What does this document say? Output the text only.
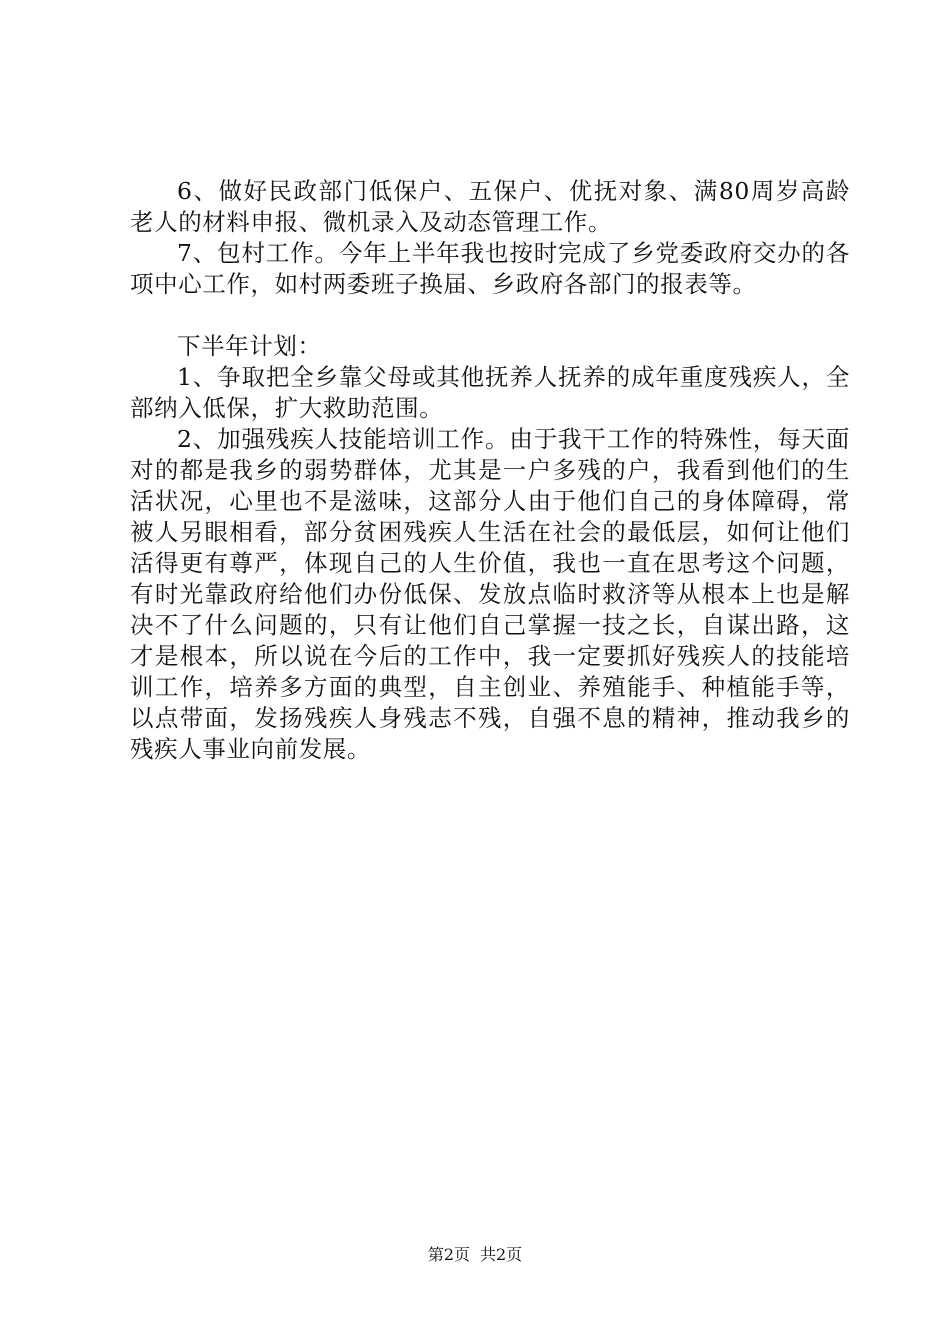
6、做好民政部门低保户、五保户、优抚对象、满80周岁高龄老人的材料申报、微机录入及动态管理工作。

7、包村工作。今年上半年我也按时完成了乡党委政府交办的各项中心工作，如村两委班子换届、乡政府各部门的报表等。

下半年计划：

1、争取把全乡靠父母或其他抚养人抚养的成年重度残疾人，全部纳入低保，扩大救助范围。

2、加强残疾人技能培训工作。由于我干工作的特殊性，每天面对的都是我乡的弱势群体，尤其是一户多残的户，我看到他们的生活状况，心里也不是滋味，这部分人由于他们自己的身体障碍，常被人另眼相看，部分贫困残疾人生活在社会的最低层，如何让他们活得更有尊严，体现自己的人生价值，我也一直在思考这个问题，有时光靠政府给他们办份低保、发放点临时救济等从根本上也是解决不了什么问题的，只有让他们自己掌握一技之长，自谋出路，这才是根本，所以说在今后的工作中，我一定要抓好残疾人的技能培训工作，培养多方面的典型，自主创业、养殖能手、种植能手等，以点带面，发扬残疾人身残志不残，自强不息的精神，推动我乡的残疾人事业向前发展。

第2页 共2页
